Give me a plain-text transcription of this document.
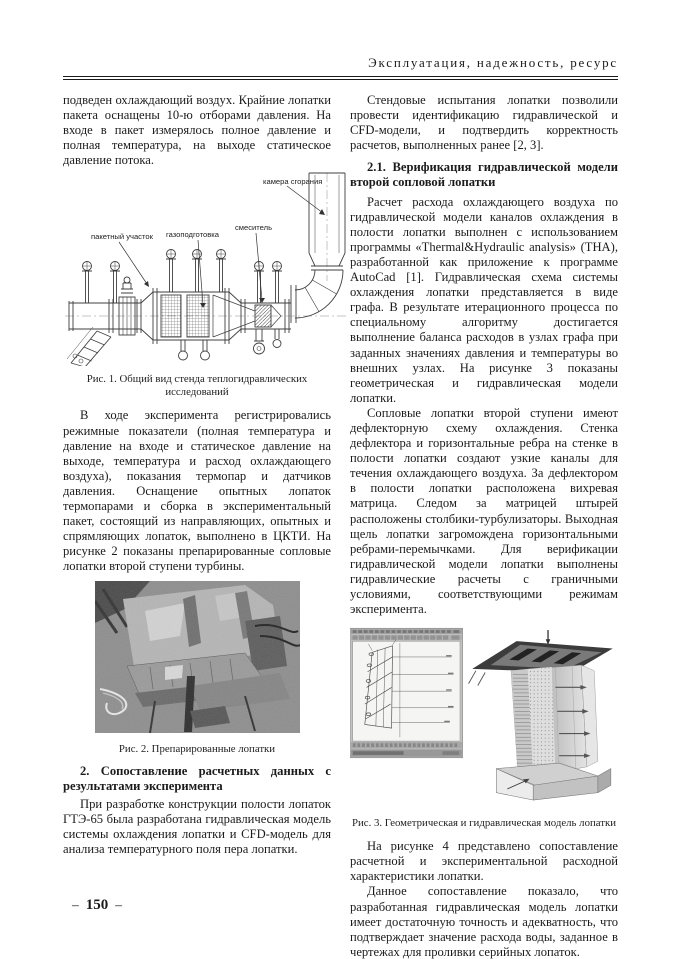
Эксплуатация, надежность, ресурс

подведен охлаждающий воздух. Крайние лопатки пакета оснащены 10-ю отборами давления. На входе в пакет измерялось полное давление и полная температура, на выходе статическое давление потока.

камера сгорания
смеситель
газоподготовка
пакетный участок
Рис. 1. Общий вид стенда теплогидравлических исследований

В ходе эксперимента регистрировались режимные показатели (полная температура и давление на входе и статическое давление на выходе, температура и расход охлаждающего воздуха), показания термопар и датчиков давления. Оснащение опытных лопаток термопарами и сборка в экспериментальный пакет, состоящий из направляющих, опытных и спрямляющих лопаток, выполнено в ЦКТИ. На рисунке 2 показаны препарированные сопловые лопатки второй ступени турбины.

Рис. 2. Препарированные лопатки

2. Сопоставление расчетных данных с результатами эксперимента

При разработке конструкции полости лопаток ГТЭ-65 была разработана гидравлическая модель системы охлаждения лопатки и CFD-модель для анализа температурного поля пера лопатки.

Стендовые испытания лопатки позволили провести идентификацию гидравлической и CFD-модели, и подтвердить корректность расчетов, выполненных ранее [2, 3].

2.1. Верификация гидравлической модели второй сопловой лопатки

Расчет расхода охлаждающего воздуха по гидравлической модели каналов охлаждения в полости лопатки выполнен с использованием программы «Thermal&Hydraulic analysis» (ТНА), разработанной как приложение к программе AutoCad [1]. Гидравлическая схема системы охлаждения лопатки представляется в виде графа. В результате итерационного процесса по специальному алгоритму достигается выполнение баланса расходов в узлах графа при заданных значениях давления и температуры во внешних узлах. На рисунке 3 показаны геометрическая и гидравлическая модели лопатки.

Сопловые лопатки второй ступени имеют дефлекторную схему охлаждения. Стенка дефлектора и горизонтальные ребра на стенке в полости лопатки создают узкие каналы для течения охлаждающего воздуха. За дефлектором в полости лопатки расположена вихревая матрица. Следом за матрицей штырей расположены столбики-турбулизаторы. Выходная щель лопатки загромождена горизонтальными ребрами-перемычками. Для верификации гидравлической модели лопатки выполнены гидравлические расчеты с граничными условиями, соответствующими режимам эксперимента.

Рис. 3. Геометрическая и гидравлическая модель лопатки

На рисунке 4 представлено сопоставление расчетной и экспериментальной расходной характеристики лопатки.

Данное сопоставление показало, что разработанная гидравлическая модель лопатки имеет достаточную точность и адекватность, что подтверждает значение расхода воды, заданное в чертежах для проливки серийных лопаток.

– 150 –
